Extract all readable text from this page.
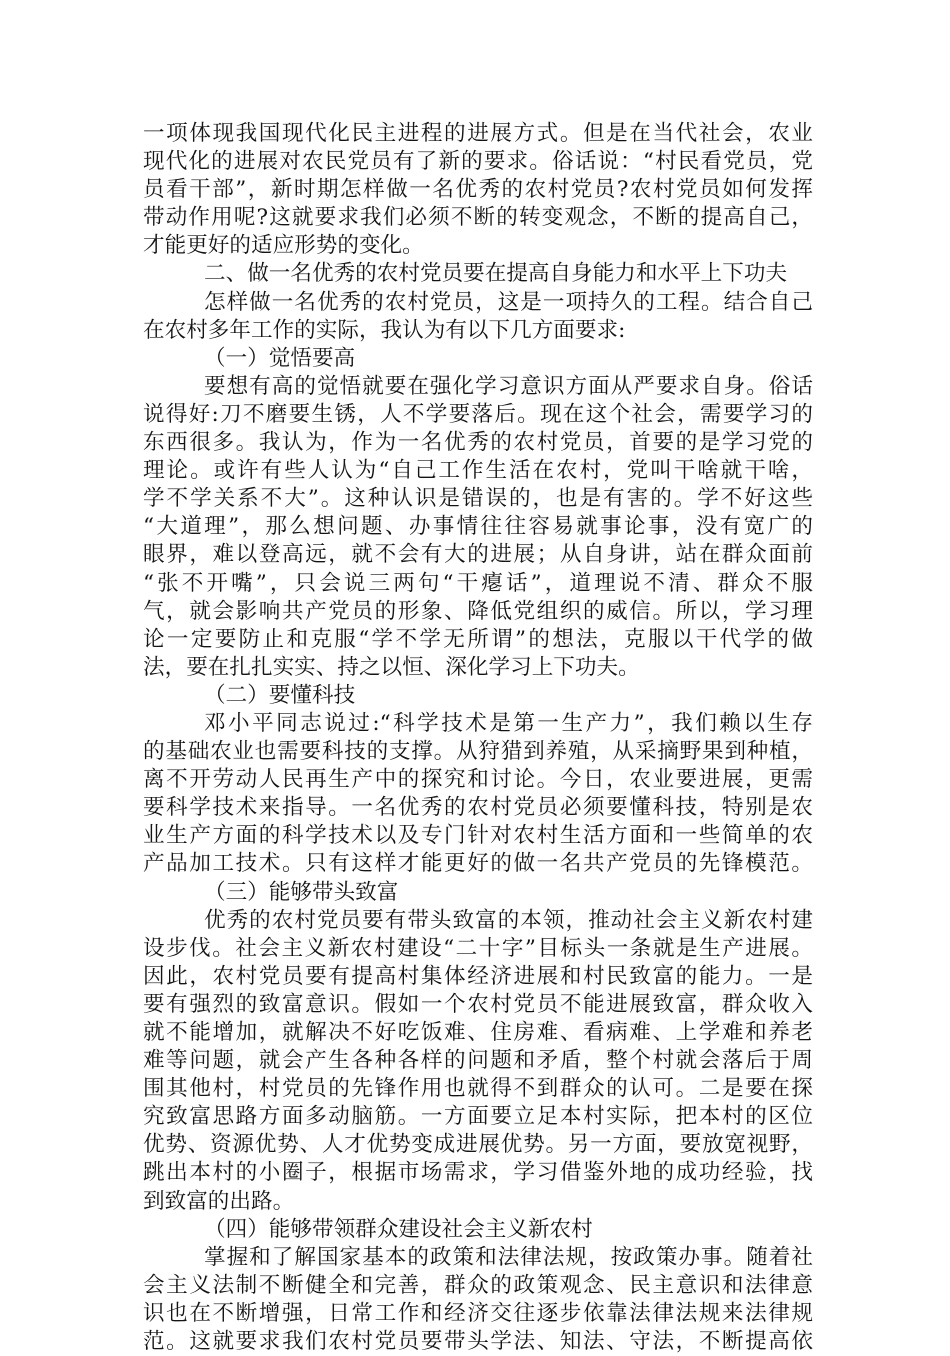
一项体现我国现代化民主进程的进展方式。但是在当代社会，农业
现代化的进展对农民党员有了新的要求。俗话说：“村民看党员，党
员看干部”，新时期怎样做一名优秀的农村党员?农村党员如何发挥
带动作用呢?这就要求我们必须不断的转变观念，不断的提高自己，
才能更好的适应形势的变化。
二、做一名优秀的农村党员要在提高自身能力和水平上下功夫
怎样做一名优秀的农村党员，这是一项持久的工程。结合自己
在农村多年工作的实际，我认为有以下几方面要求:
（一）觉悟要高
要想有高的觉悟就要在强化学习意识方面从严要求自身。俗话
说得好:刀不磨要生锈，人不学要落后。现在这个社会，需要学习的
东西很多。我认为，作为一名优秀的农村党员，首要的是学习党的
理论。或许有些人认为“自己工作生活在农村，党叫干啥就干啥，
学不学关系不大”。这种认识是错误的，也是有害的。学不好这些
“大道理”，那么想问题、办事情往往容易就事论事，没有宽广的
眼界，难以登高远，就不会有大的进展；从自身讲，站在群众面前
“张不开嘴”，只会说三两句“干瘪话”，道理说不清、群众不服
气，就会影响共产党员的形象、降低党组织的威信。所以，学习理
论一定要防止和克服“学不学无所谓”的想法，克服以干代学的做
法，要在扎扎实实、持之以恒、深化学习上下功夫。
（二）要懂科技
邓小平同志说过:“科学技术是第一生产力”，我们赖以生存
的基础农业也需要科技的支撑。从狩猎到养殖，从采摘野果到种植，
离不开劳动人民再生产中的探究和讨论。今日，农业要进展，更需
要科学技术来指导。一名优秀的农村党员必须要懂科技，特别是农
业生产方面的科学技术以及专门针对农村生活方面和一些简单的农
产品加工技术。只有这样才能更好的做一名共产党员的先锋模范。
（三）能够带头致富
优秀的农村党员要有带头致富的本领，推动社会主义新农村建
设步伐。社会主义新农村建设“二十字”目标头一条就是生产进展。
因此，农村党员要有提高村集体经济进展和村民致富的能力。一是
要有强烈的致富意识。假如一个农村党员不能进展致富，群众收入
就不能增加，就解决不好吃饭难、住房难、看病难、上学难和养老
难等问题，就会产生各种各样的问题和矛盾，整个村就会落后于周
围其他村，村党员的先锋作用也就得不到群众的认可。二是要在探
究致富思路方面多动脑筋。一方面要立足本村实际，把本村的区位
优势、资源优势、人才优势变成进展优势。另一方面，要放宽视野，
跳出本村的小圈子，根据市场需求，学习借鉴外地的成功经验，找
到致富的出路。
（四）能够带领群众建设社会主义新农村
掌握和了解国家基本的政策和法律法规，按政策办事。随着社
会主义法制不断健全和完善，群众的政策观念、民主意识和法律意
识也在不断增强，日常工作和经济交往逐步依靠法律法规来法律规
范。这就要求我们农村党员要带头学法、知法、守法，不断提高依
